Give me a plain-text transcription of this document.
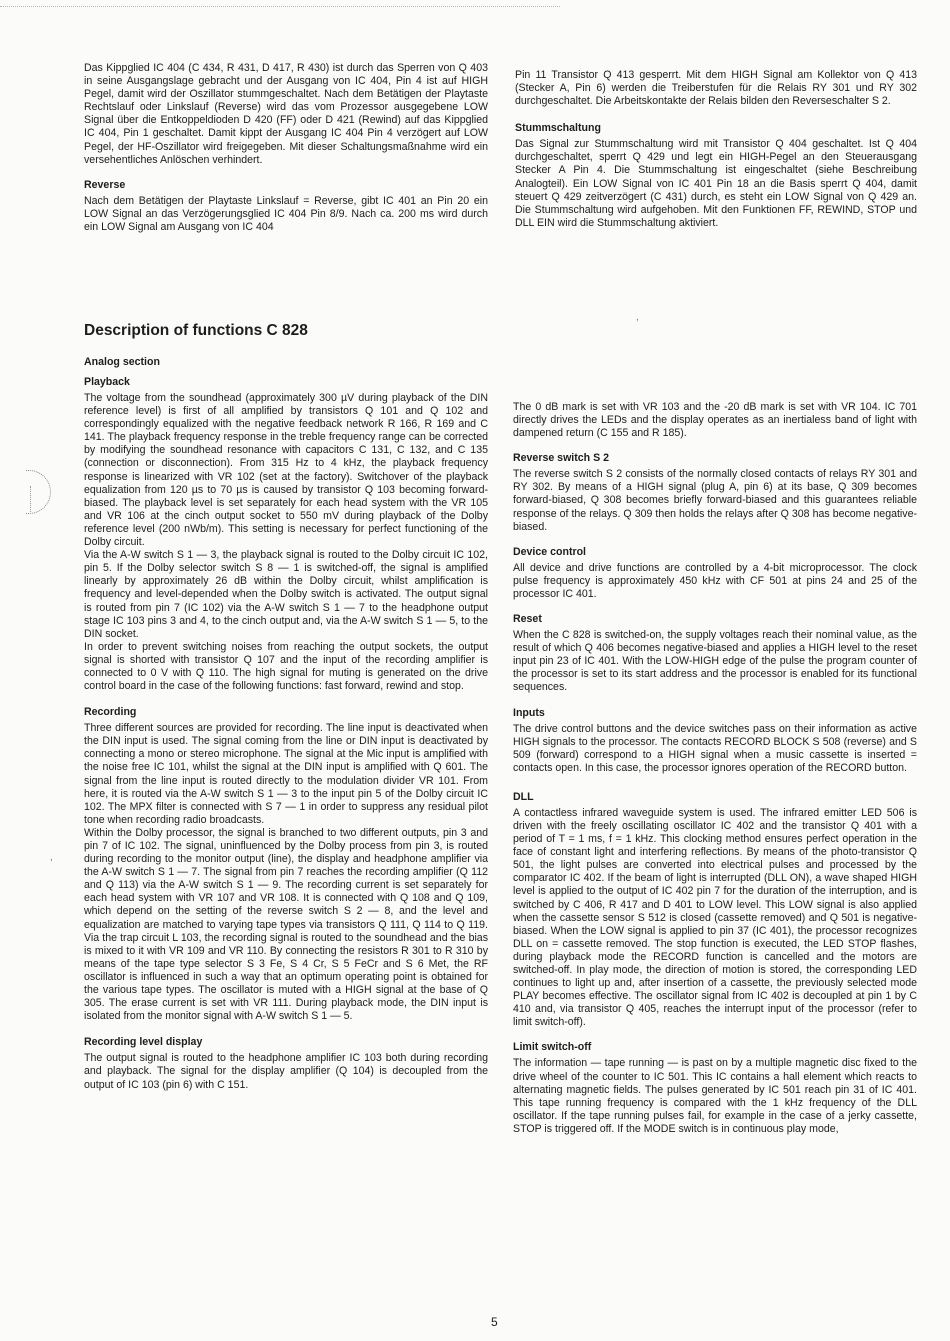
,
,

Das Kippglied IC 404 (C 434, R 431, D 417, R 430) ist durch das Sperren von Q 403 in seine Ausgangslage gebracht und der Ausgang von IC 404, Pin 4 ist auf HIGH Pegel, damit wird der Oszillator stummgeschaltet. Nach dem Betätigen der Playtaste Rechtslauf oder Linkslauf (Reverse) wird das vom Prozessor ausgegebene LOW Signal über die Entkoppeldioden D 420 (FF) oder D 421 (Rewind) auf das Kippglied IC 404, Pin 1 geschaltet. Damit kippt der Ausgang IC 404 Pin 4 verzögert auf LOW Pegel, der HF-Oszillator wird freigegeben. Mit dieser Schaltungsmaßnahme wird ein versehentliches Anlöschen verhindert.

Reverse

Nach dem Betätigen der Playtaste Linkslauf = Reverse, gibt IC 401 an Pin 20 ein LOW Signal an das Verzögerungsglied IC 404 Pin 8/9. Nach ca. 200 ms wird durch ein LOW Signal am Ausgang von IC 404

Pin 11 Transistor Q 413 gesperrt. Mit dem HIGH Signal am Kollektor von Q 413 (Stecker A, Pin 6) werden die Treiberstufen für die Relais RY 301 und RY 302 durchgeschaltet. Die Arbeitskontakte der Relais bilden den Reverseschalter S 2.

Stummschaltung

Das Signal zur Stummschaltung wird mit Transistor Q 404 geschaltet. Ist Q 404 durchgeschaltet, sperrt Q 429 und legt ein HIGH-Pegel an den Steuerausgang Stecker A Pin 4. Die Stummschaltung ist eingeschaltet (siehe Beschreibung Analogteil). Ein LOW Signal von IC 401 Pin 18 an die Basis sperrt Q 404, damit steuert Q 429 zeitverzögert (C 431) durch, es steht ein LOW Signal von Q 429 an. Die Stummschaltung wird aufgehoben. Mit den Funktionen FF, REWIND, STOP und DLL EIN wird die Stummschaltung aktiviert.

Description of functions C 828
Analog section
Playback

The voltage from the soundhead (approximately 300 µV during playback of the DIN reference level) is first of all amplified by transistors Q 101 and Q 102 and correspondingly equalized with the negative feedback network R 166, R 169 and C 141. The playback frequency response in the treble frequency range can be corrected by modifying the soundhead resonance with capacitors C 131, C 132, and C 135 (connection or disconnection). From 315 Hz to 4 kHz, the playback frequency response is linearized with VR 102 (set at the factory). Switchover of the playback equalization from 120 µs to 70 µs is caused by transistor Q 103 becoming forward-biased. The playback level is set separately for each head system with the VR 105 and VR 106 at the cinch output socket to 550 mV during playback of the Dolby reference level (200 nWb/m). This setting is necessary for perfect functioning of the Dolby circuit.

Via the A-W switch S 1 — 3, the playback signal is routed to the Dolby circuit IC 102, pin 5. If the Dolby selector switch S 8 — 1 is switched-off, the signal is amplified linearly by approximately 26 dB within the Dolby circuit, whilst amplification is frequency and level-depended when the Dolby switch is activated. The output signal is routed from pin 7 (IC 102) via the A-W switch S 1 — 7 to the headphone output stage IC 103 pins 3 and 4, to the cinch output and, via the A-W switch S 1 — 5, to the DIN socket.

In order to prevent switching noises from reaching the output sockets, the output signal is shorted with transistor Q 107 and the input of the recording amplifier is connected to 0 V with Q 110. The high signal for muting is generated on the drive control board in the case of the following functions: fast forward, rewind and stop.

Recording

Three different sources are provided for recording. The line input is deactivated when the DIN input is used. The signal coming from the line or DIN input is deactivated by connecting a mono or stereo microphone. The signal at the Mic input is amplified with the noise free IC 101, whilst the signal at the DIN input is amplified with Q 601. The signal from the line input is routed directly to the modulation divider VR 101. From here, it is routed via the A-W switch S 1 — 3 to the input pin 5 of the Dolby circuit IC 102. The MPX filter is connected with S 7 — 1 in order to suppress any residual pilot tone when recording radio broadcasts.

Within the Dolby processor, the signal is branched to two different outputs, pin 3 and pin 7 of IC 102. The signal, uninfluenced by the Dolby process from pin 3, is routed during recording to the monitor output (line), the display and headphone amplifier via the A-W switch S 1 — 7. The signal from pin 7 reaches the recording amplifier (Q 112 and Q 113) via the A-W switch S 1 — 9. The recording current is set separately for each head system with VR 107 and VR 108. It is connected with Q 108 and Q 109, which depend on the setting of the reverse switch S 2 — 8, and the level and equalization are matched to varying tape types via transistors Q 111, Q 114 to Q 119. Via the trap circuit L 103, the recording signal is routed to the soundhead and the bias is mixed to it with VR 109 and VR 110. By connecting the resistors R 301 to R 310 by means of the tape type selector S 3 Fe, S 4 Cr, S 5 FeCr and S 6 Met, the RF oscillator is influenced in such a way that an optimum operating point is obtained for the various tape types. The oscillator is muted with a HIGH signal at the base of Q 305. The erase current is set with VR 111. During playback mode, the DIN input is isolated from the monitor signal with A-W switch S 1 — 5.

Recording level display

The output signal is routed to the headphone amplifier IC 103 both during recording and playback. The signal for the display amplifier (Q 104) is decoupled from the output of IC 103 (pin 6) with C 151.

The 0 dB mark is set with VR 103 and the -20 dB mark is set with VR 104. IC 701 directly drives the LEDs and the display operates as an inertialess band of light with dampened return (C 155 and R 185).

Reverse switch S 2

The reverse switch S 2 consists of the normally closed contacts of relays RY 301 and RY 302. By means of a HIGH signal (plug A, pin 6) at its base, Q 309 becomes forward-biased, Q 308 becomes briefly forward-biased and this guarantees reliable response of the relays. Q 309 then holds the relays after Q 308 has become negative-biased.

Device control

All device and drive functions are controlled by a 4-bit microprocessor. The clock pulse frequency is approximately 450 kHz with CF 501 at pins 24 and 25 of the processor IC 401.

Reset

When the C 828 is switched-on, the supply voltages reach their nominal value, as the result of which Q 406 becomes negative-biased and applies a HIGH level to the reset input pin 23 of IC 401. With the LOW-HIGH edge of the pulse the program counter of the processor is set to its start address and the processor is enabled for its functional sequences.

Inputs

The drive control buttons and the device switches pass on their information as active HIGH signals to the processor. The contacts RECORD BLOCK S 508 (reverse) and S 509 (forward) correspond to a HIGH signal when a music cassette is inserted = contacts open. In this case, the processor ignores operation of the RECORD button.

DLL

A contactless infrared waveguide system is used. The infrared emitter LED 506 is driven with the freely oscillating oscillator IC 402 and the transistor Q 401 with a period of T = 1 ms, f = 1 kHz. This clocking method ensures perfect operation in the face of constant light and interfering reflections. By means of the photo-transistor Q 501, the light pulses are converted into electrical pulses and processed by the comparator IC 402. If the beam of light is interrupted (DLL ON), a wave shaped HIGH level is applied to the output of IC 402 pin 7 for the duration of the interruption, and is switched by C 406, R 417 and D 401 to LOW level. This LOW signal is also applied when the cassette sensor S 512 is closed (cassette removed) and Q 501 is negative-biased. When the LOW signal is applied to pin 37 (IC 401), the processor recognizes DLL on = cassette removed. The stop function is executed, the LED STOP flashes, during playback mode the RECORD function is cancelled and the motors are switched-off. In play mode, the direction of motion is stored, the corresponding LED continues to light up and, after insertion of a cassette, the previously selected mode PLAY becomes effective. The oscillator signal from IC 402 is decoupled at pin 1 by C 410 and, via transistor Q 405, reaches the interrupt input of the processor (refer to limit switch-off).

Limit switch-off

The information — tape running — is past on by a multiple magnetic disc fixed to the drive wheel of the counter to IC 501. This IC contains a hall element which reacts to alternating magnetic fields. The pulses generated by IC 501 reach pin 31 of IC 401. This tape running frequency is compared with the 1 kHz frequency of the DLL oscillator. If the tape running pulses fail, for example in the case of a jerky cassette, STOP is triggered off. If the MODE switch is in continuous play mode,

5
